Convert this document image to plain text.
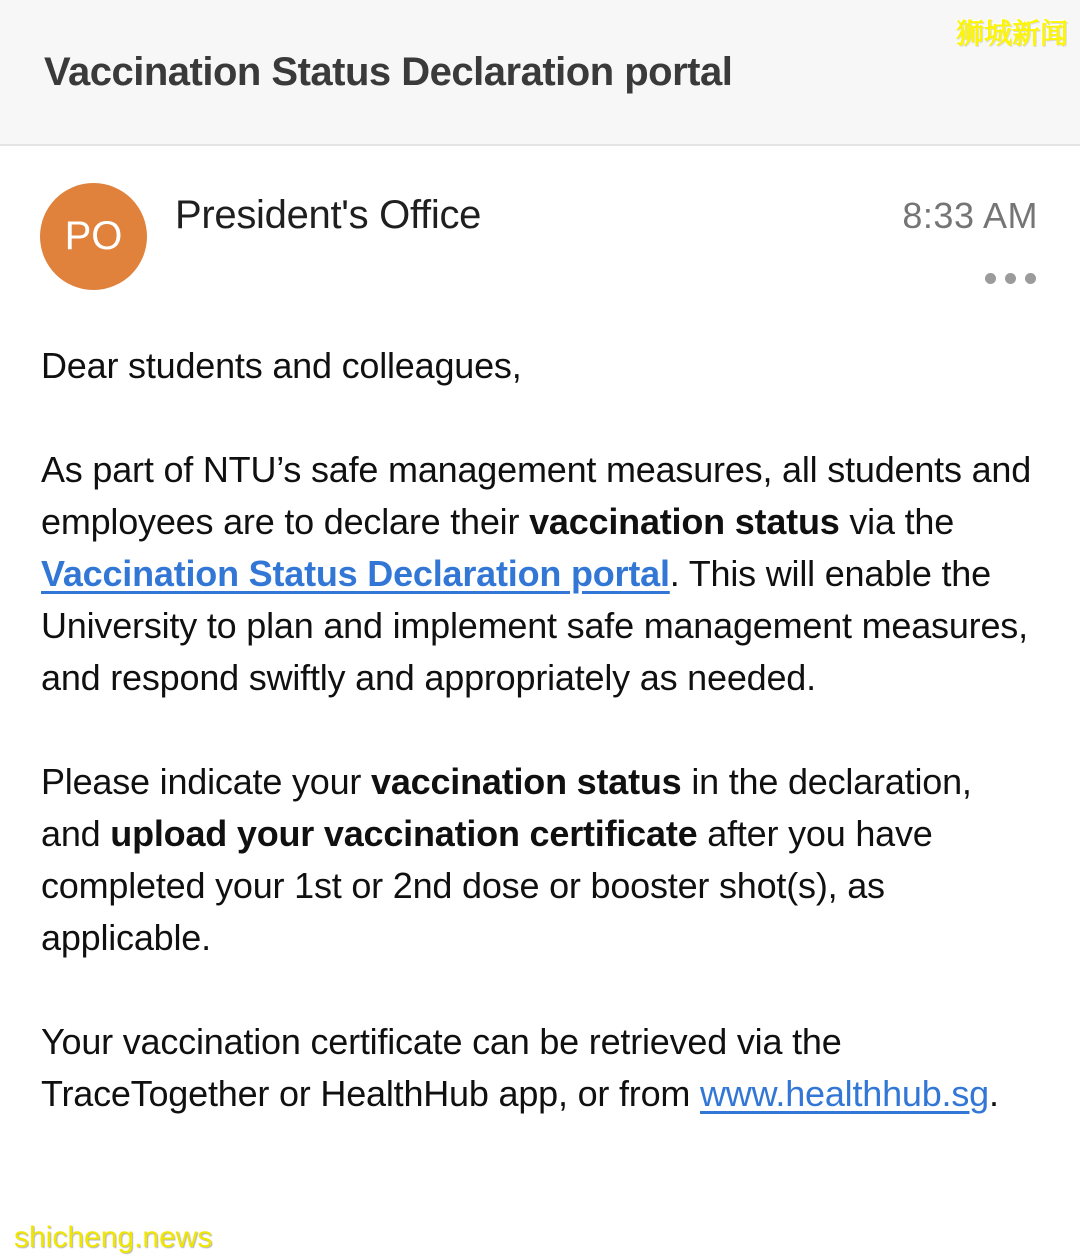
狮城新闻
Vaccination Status Declaration portal
PO President's Office	8:33 AM

Dear students and colleagues,

As part of NTU’s safe management measures, all students and employees are to declare their vaccination status via the Vaccination Status Declaration portal. This will enable the University to plan and implement safe management measures, and respond swiftly and appropriately as needed.

Please indicate your vaccination status in the declaration, and upload your vaccination certificate after you have completed your 1st or 2nd dose or booster shot(s), as applicable.

Your vaccination certificate can be retrieved via the TraceTogether or HealthHub app, or from www.healthhub.sg.

shicheng.news
